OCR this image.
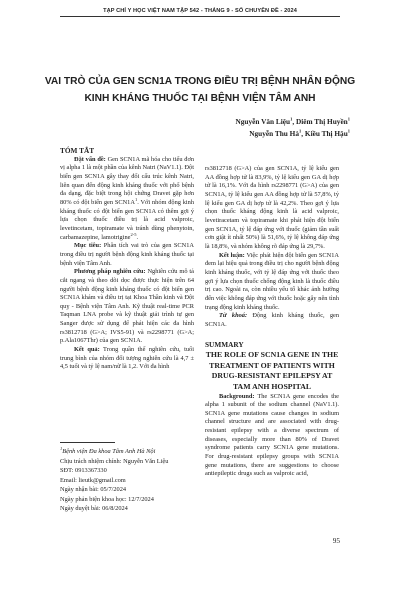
TẠP CHÍ Y HỌC VIỆT NAM TẬP 542 - THÁNG 9 - SỐ CHUYÊN ĐỀ - 2024
VAI TRÒ CỦA GEN SCN1A TRONG ĐIỀU TRỊ BỆNH NHÂN ĐỘNG KINH KHÁNG THUỐC TẠI BỆNH VIỆN TÂM ANH
Nguyễn Văn Liệu$^1$, Diêm Thị Huyền$^1$
Nguyễn Thu $Hà^1$, Kiều Thị Hậu$^1$

TÓM TẮT

Đặt vấn đề: Gen SCN1A mã hóa cho tiểu đơn vị alpha 1 là một phần của kênh Natri (NaV1.1). Đột biến gen SCN1A gây thay đổi cấu trúc kênh Natri, liên quan đến động kinh kháng thuốc với phổ bệnh đa dạng, đặc biệt trong hội chứng Dravet gặp hơn 80% có đột biến gen $SCN1A^1$. Với nhóm động kinh kháng thuốc có đột biến gen SCN1A có thêm gợi ý lựa chọn thuốc điều trị là acid valproic, levetincetam, topiramate và tránh dùng phenytoin, carbamazepine, lamotrigine$^{2-5}$.

Mục tiêu: Phân tích vai trò của gen SCN1A trong điều trị người bệnh động kinh kháng thuốc tại bệnh viện Tâm Anh.

Phương pháp nghiên cứu: Nghiên cứu mô tả cắt ngang và theo dõi dọc được thực hiện trên 64 người bệnh động kinh kháng thuốc có đột biến gen SCN1A khám và điều trị tại Khoa Thần kinh và Đột quỵ - Bệnh viện Tâm Anh. Kỹ thuật real-time PCR Taqman LNA probe và kỹ thuật giải trình tự gen Sanger được sử dụng để phát hiện các đa hình rs3812718 (G>A; IVS5-91) và rs2298771 (G>A; p.Ala1067Thr) của gen SCN1A.

Kết quả: Trong quần thể nghiên cứu, tuổi trung bình của nhóm đối tượng nghiên cứu là 4,7 ± 4,5 tuổi và tỷ lệ nam/nữ là 1,2. Với đa hình

rs3812718 (G>A) của gen SCN1A, tỷ lệ kiểu gen AA đồng hợp tử là 83,9%, tỷ lệ kiểu gen GA dị hợp tử là 16,1%. Với đa hình rs2298771 (G>A) của gen SCN1A, tỷ lệ kiểu gen AA đồng hợp tử là 57,8%, tỷ lệ kiểu gen GA dị hợp tử là 42,2%. Theo gợi ý lựa chọn thuốc kháng động kinh là acid valproic, levetiracetam và topiramate khi phát hiện đột biến gen SCN1A, tỷ lệ đáp ứng với thuốc (giảm tần suất cơn giật ít nhất 50%) là 51,6%, tỷ lệ không đáp ứng là 18,8%, và nhóm không rõ đáp ứng là 29,7%.

Kết luận: Việc phát hiện đột biến gen SCN1A đem lại hiệu quả trong điều trị cho người bệnh động kinh kháng thuốc, với tỷ lệ đáp ứng với thuốc theo gợi ý lựa chọn thuốc chống động kinh là thuốc điều trị cao. Ngoài ra, còn nhiều yếu tố khác ảnh hưởng đến việc không đáp ứng với thuốc hoặc gây nên tình trạng động kinh kháng thuốc.

Từ khoá: Động kinh kháng thuốc, gen SCN1A.

SUMMARY

THE ROLE OF SCN1A GENE IN THE TREATMENT OF PATIENTS WITH DRUG-RESISTANT EPILEPSY AT TAM ANH HOSPITAL

Background: The SCN1A gene encodes the alpha 1 subunit of the sodium channel (NaV1.1). SCN1A gene mutations cause changes in sodium channel structure and are associated with drug-resistant epilepsy with a diverse spectrum of diseases, especially more than 80% of Dravet syndrome patients carry SCN1A gene mutations. For drug-resistant epilepsy groups with SCN1A gene mutations, there are suggestions to choose antiepileptic drugs such as valproic acid,

$^1$Bệnh viện Đa khoa Tâm Anh Hà Nội

Chịu trách nhiệm chính: Nguyễn Văn Liệu

SĐT: 0913367330

Email: lieutk@gmail.com

Ngày nhận bài: 05/7/2024

Ngày phản biện khoa học: 12/7/2024

Ngày duyệt bài: 06/8/2024

95
